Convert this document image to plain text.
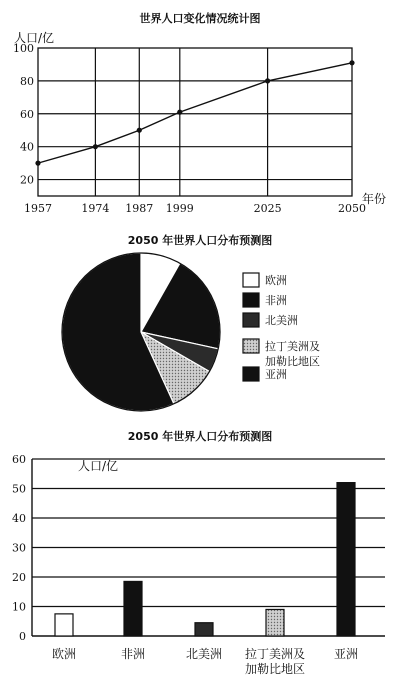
世界人口变化情况统计图
人口/亿
年份
20
40
60
80
100
1957	1974 1987 1999	2025	2050
2050 年世界人口分布预测图
欧洲
非洲
北美洲
拉丁美洲及
加勒比地区
亚洲
2050 年世界人口分布预测图
人口/亿
0
10
20
30
40
50
60
欧洲	非洲	北美洲 拉丁美洲及
加勒比地区
亚洲
